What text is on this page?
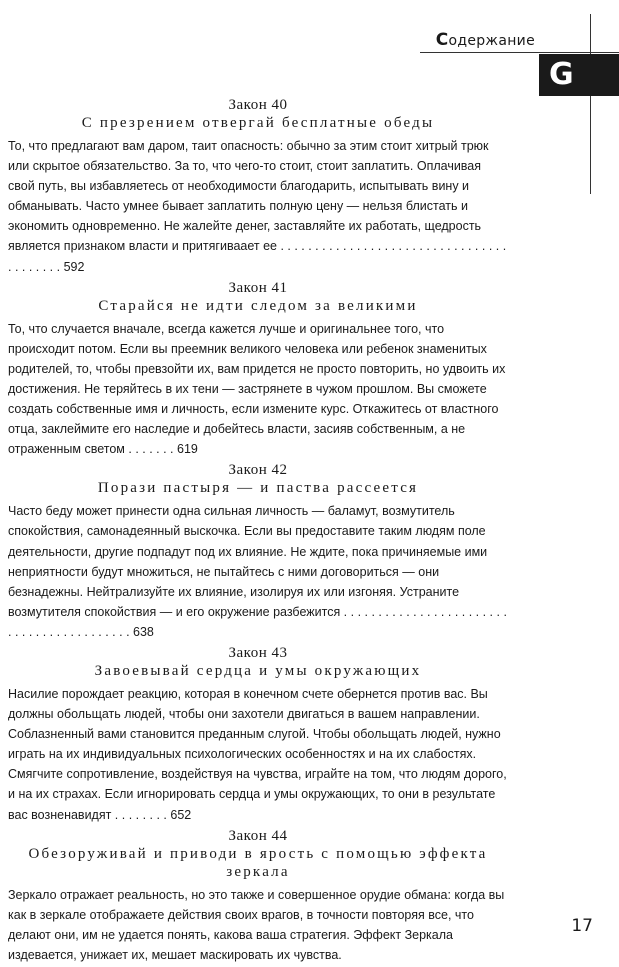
Содержание
G

Закон 40

С презрением отвергай бесплатные обеды

То, что предлагают вам даром, таит опасность: обычно за этим стоит хитрый трюк или скрытое обязательство. За то, что чего-то стоит, стоит заплатить. Оплачивая свой путь, вы избавляетесь от необходимости благодарить, испытывать вину и обманывать. Часто умнее бывает заплатить полную цену — нельзя блистать и экономить одновременно. Не жалейте денег, заставляйте их работать, щедрость является признаком власти и притягиваает ее . . . . . . . . . . . . . . . . . . . . . . . . . . . . . . . . . . . . . . . . . 592

Закон 41

Старайся не идти следом за великими

То, что случается вначале, всегда кажется лучше и оригинальнее того, что происходит потом. Если вы преемник великого человека или ребенок знаменитых родителей, то, чтобы превзойти их, вам придется не просто повторить, но удвоить их достижения. Не теряйтесь в их тени — застрянете в чужом прошлом. Вы сможете создать собственные имя и личность, если измените курс. Откажитесь от властного отца, заклеймите его наследие и добейтесь власти, засияв собственным, а не отраженным светом . . . . . . . 619

Закон 42

Порази пастыря — и паства рассеется

Часто беду может принести одна сильная личность — баламут, возмутитель спокойствия, самонадеянный выскочка. Если вы предоставите таким людям поле деятельности, другие подпадут под их влияние. Не ждите, пока причиняемые ими неприятности будут множиться, не пытайтесь с ними договориться — они безнадежны. Нейтрализуйте их влияние, изолируя их или изгоняя. Устраните возмутителя спокойствия — и его окружение разбежится . . . . . . . . . . . . . . . . . . . . . . . . . . . . . . . . . . . . . . . . . . 638

Закон 43

Завоевывай сердца и умы окружающих

Насилие порождает реакцию, которая в конечном счете обернется против вас. Вы должны обольщать людей, чтобы они захотели двигаться в вашем направлении. Соблазненный вами становится преданным слугой. Чтобы обольщать людей, нужно играть на их индивидуальных психологических особенностях и на их слабостях. Смягчите сопротивление, воздействуя на чувства, играйте на том, что людям дорого, и на их страхах. Если игнорировать сердца и умы окружающих, то они в результате вас возненавидят . . . . . . . . 652

Закон 44

Обезоруживай и приводи в ярость с помощью эффекта зеркала

Зеркало отражает реальность, но это также и совершенное орудие обмана: когда вы как в зеркале отображаете действия своих врагов, в точности повторяя все, что делают они, им не удается понять, какова ваша стратегия. Эффект Зеркала издевается, унижает их, мешает маскировать их чувства.

17
